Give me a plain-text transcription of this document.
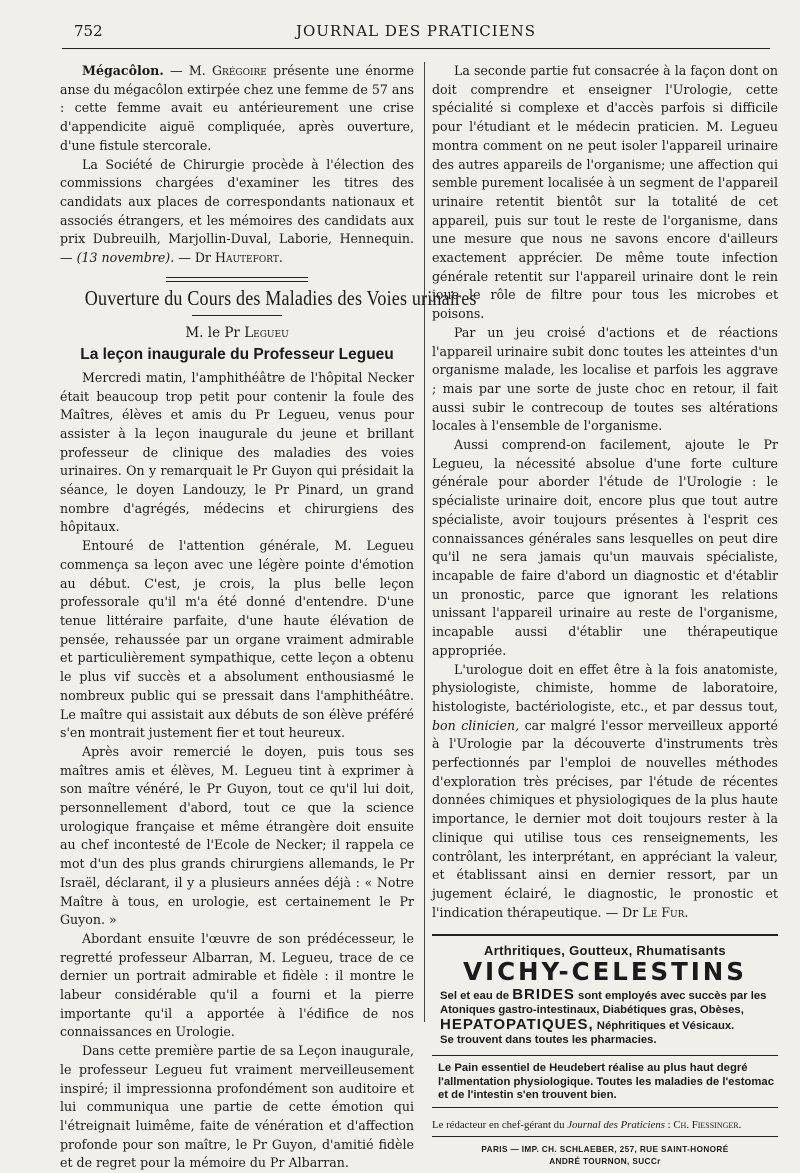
752	JOURNAL DES PRATICIENS

Mégacôlon. — M. Grégoire présente une énorme anse du mégacôlon extirpée chez une femme de 57 ans : cette femme avait eu antérieurement une crise d'appendicite aiguë compliquée, après ouverture, d'une fistule stercorale.

La Société de Chirurgie procède à l'élection des commissions chargées d'examiner les titres des candidats aux places de correspondants nationaux et associés étrangers, et les mémoires des candidats aux prix Dubreuilh, Marjollin-Duval, Laborie, Hennequin. — (13 novembre). — Dr Hautefort.

Ouverture du Cours des Maladies des Voies urinaires
M. le Pr Legueu
La leçon inaugurale du Professeur Legueu

Mercredi matin, l'amphithéâtre de l'hôpital Necker était beaucoup trop petit pour contenir la foule des Maîtres, élèves et amis du Pr Legueu, venus pour assister à la leçon inaugurale du jeune et brillant professeur de clinique des maladies des voies urinaires. On y remarquait le Pr Guyon qui présidait la séance, le doyen Landouzy, le Pr Pinard, un grand nombre d'agrégés, médecins et chirurgiens des hôpitaux.

Entouré de l'attention générale, M. Legueu commença sa leçon avec une légère pointe d'émotion au début. C'est, je crois, la plus belle leçon professorale qu'il m'a été donné d'entendre. D'une tenue littéraire parfaite, d'une haute élévation de pensée, rehaussée par un organe vraiment admirable et particulièrement sympathique, cette leçon a obtenu le plus vif succès et a absolument enthousiasmé le nombreux public qui se pressait dans l'amphithéâtre. Le maître qui assistait aux débuts de son élève préféré s'en montrait justement fier et tout heureux.

Après avoir remercié le doyen, puis tous ses maîtres amis et élèves, M. Legueu tint à exprimer à son maître vénéré, le Pr Guyon, tout ce qu'il lui doit, personnellement d'abord, tout ce que la science urologique française et même étrangère doit ensuite au chef incontesté de l'Ecole de Necker; il rappela ce mot d'un des plus grands chirurgiens allemands, le Pr Israël, déclarant, il y a plusieurs années déjà : « Notre Maître à tous, en urologie, est certainement le Pr Guyon. »

Abordant ensuite l'œuvre de son prédécesseur, le regretté professeur Albarran, M. Legueu, trace de ce dernier un portrait admirable et fidèle : il montre le labeur considérable qu'il a fourni et la pierre importante qu'il a apportée à l'édifice de nos connaissances en Urologie.

Dans cette première partie de sa Leçon inaugurale, le professeur Legueu fut vraiment merveilleusement inspiré; il impressionna profondément son auditoire et lui communiqua une partie de cette émotion qui l'étreignait luimême, faite de vénération et d'affection profonde pour son maître, le Pr Guyon, d'amitié fidèle et de regret pour la mémoire du Pr Albarran.

La seconde partie fut consacrée à la façon dont on doit comprendre et enseigner l'Urologie, cette spécialité si complexe et d'accès parfois si difficile pour l'étudiant et le médecin praticien. M. Legueu montra comment on ne peut isoler l'appareil urinaire des autres appareils de l'organisme; une affection qui semble purement localisée à un segment de l'appareil urinaire retentit bientôt sur la totalité de cet appareil, puis sur tout le reste de l'organisme, dans une mesure que nous ne savons encore d'ailleurs exactement apprécier. De même toute infection générale retentit sur l'appareil urinaire dont le rein joue le rôle de filtre pour tous les microbes et poisons.

Par un jeu croisé d'actions et de réactions l'appareil urinaire subit donc toutes les atteintes d'un organisme malade, les localise et parfois les aggrave ; mais par une sorte de juste choc en retour, il fait aussi subir le contrecoup de toutes ses altérations locales à l'ensemble de l'organisme.

Aussi comprend-on facilement, ajoute le Pr Legueu, la nécessité absolue d'une forte culture générale pour aborder l'étude de l'Urologie : le spécialiste urinaire doit, encore plus que tout autre spécialiste, avoir toujours présentes à l'esprit ces connaissances générales sans lesquelles on peut dire qu'il ne sera jamais qu'un mauvais spécialiste, incapable de faire d'abord un diagnostic et d'établir un pronostic, parce que ignorant les relations unissant l'appareil urinaire au reste de l'organisme, incapable aussi d'établir une thérapeutique appropriée.

L'urologue doit en effet être à la fois anatomiste, physiologiste, chimiste, homme de laboratoire, histologiste, bactériologiste, etc., et par dessus tout, bon clinicien, car malgré l'essor merveilleux apporté à l'Urologie par la découverte d'instruments très perfectionnés par l'emploi de nouvelles méthodes d'exploration très précises, par l'étude de récentes données chimiques et physiologiques de la plus haute importance, le dernier mot doit toujours rester à la clinique qui utilise tous ces renseignements, les contrôlant, les interprétant, en appréciant la valeur, et établissant ainsi en dernier ressort, par un jugement éclairé, le diagnostic, le pronostic et l'indication thérapeutique. — Dr Le Fur.

Arthritiques, Goutteux, Rhumatisants
VICHY-CELESTINS
Sel et eau de BRIDES sont employés avec succès par les
Atoniques gastro-intestinaux, Diabétiques gras, Obèses,
HEPATOPATIQUES, Néphritiques et Vésicaux.
Se trouvent dans toutes les pharmacies.
Le Pain essentiel de Heudebert réalise au plus haut degré l'allmentation physiologique. Toutes les maladies de l'estomac et de l'intestin s'en trouvent bien.
Le rédacteur en chef-gérant du Journal des Praticiens : Ch. Fiessinger.
PARIS — IMP. CH. SCHLAEBER, 257, RUE SAINT-HONORÉ
ANDRÉ TOURNON, SUCCr
